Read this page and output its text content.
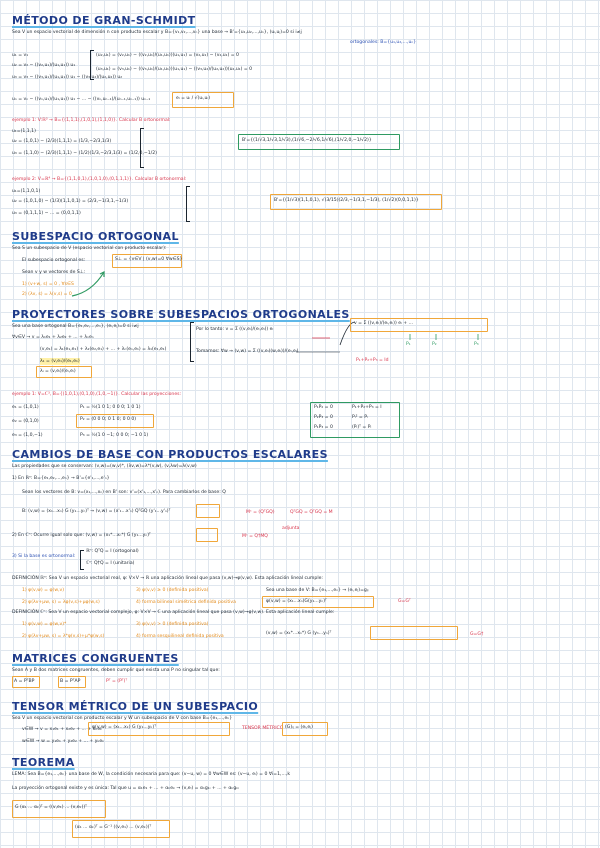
MÉTODO DE GRAN-SCHMIDT
Sea V un espacio vectorial de dimensión n con producto escalar y B={v₁,v₂,...,vₙ} una base → B'={u₁,u₂,...,uₙ}, (uᵢ,uⱼ)=0 si i≠j
ortogonales: B={u₁,u₂,...,uₙ}
u₁ = v₁
u₂ = v₂ − ((v₂,u₁)/(u₁,u₁)) u₁
u₃ = v₃ − ((v₃,u₁)/(u₁,u₁)) u₁ − ((v₃,u₂)/(u₂,u₂)) u₂
(u₂,u₁) = (v₂,u₁) − ((v₂,u₁)/(u₁,u₁))(u₁,u₁) = (v₂,u₁) − (v₂,u₁) = 0
(u₃,u₁) = (v₃,u₁) − ((v₃,u₁)/(u₁,u₁))(u₁,u₁) − ((v₃,u₂)/(u₂,u₂))(u₂,u₁) = 0
uₙ = vₙ − ((vₙ,u₁)/(u₁,u₁)) u₁ − ... − ((vₙ,uₙ₋₁)/(uₙ₋₁,uₙ₋₁)) uₙ₋₁	eᵢ = uᵢ / √(uᵢ,uᵢ)
ejemplo 1: V:ℝ³ → B={(1,1,1),(1,0,1),(1,1,0)}. Calcular B ortonormal:
u₁=(1,1,1)
u₂ = (1,0,1) − (2/3)(1,1,1) = (1/3,−2/3,1/3)
u₃ = (1,1,0) − (2/3)(1,1,1) − (1/2)(1/3,−2/3,1/3) = (1/2,0,−1/2)
B'={(1/√3,1/√3,1/√3),(1/√6,−2/√6,1/√6),(1/√2,0,−1/√2)}
ejemplo 2: V=ℝ⁴ → B={(1,1,0,1),(1,0,1,0),(0,1,1,1)}. Calcular B ortonormal:
u₁=(1,1,0,1)
u₂ = (1,0,1,0) − (1/3)(1,1,0,1) = (2/3,−1/3,1,−1/3)
u₃ = (0,1,1,1) − ... = (0,0,1,1)
B'={(1/√3)(1,1,0,1), √(3/15)(2/3,−1/3,1,−1/3), (1/√2)(0,0,1,1)}
SUBESPACIO ORTOGONAL
Sea S un subespacio de V (espacio vectorial con producto escalar):
El subespacio ortogonal es:	S⊥ = {v∈V | (v,w)=0 ∀w∈S}
Sean v y w vectores de S⊥:
1) (v+w, s) = 0 , ∀s∈S
2) (λv, s) = λ(v,s) = 0
PROYECTORES SOBRE SUBESPACIOS ORTOGONALES
Sea una base ortogonal B={e₁,e₂,...,eₙ}, (eᵢ,eⱼ)=0 si i≠j
∀v∈V → v = λ₁e₁ + λ₂e₂ + ... + λₙeₙ
(v,e₁) = λ₁(e₁,e₁) + λ₂(e₂,e₁) + ... + λₙ(eₙ,e₁) = λ₁(e₁,e₁)
λ₁ = (v,e₁)/(e₁,e₁)
λᵢ = (v,eᵢ)/(eᵢ,eᵢ)
Por lo tanto: v = Σ ((v,eᵢ)/(eᵢ,eᵢ)) eᵢ
Tomamos: ∀w → (v,w) = Σ ((v,eᵢ)(w,eᵢ))/(eᵢ,eᵢ)
v = Σ ((v,eᵢ)/(eᵢ,eᵢ)) eᵢ + ...
P₁	P₂	P₃
P₁+P₂+P₃ = Id
ejemplo 1: V=ℂ³, B={(1,0,1),(0,1,0),(1,0,−1)}. Calcular las proyecciones:
e₁ = (1,0,1)
e₂ = (0,1,0)
e₃ = (1,0,−1)
P₁ = ½(1 0 1; 0 0 0; 1 0 1)
P₂ = (0 0 0; 0 1 0; 0 0 0)
P₃ = ½(1 0 −1; 0 0 0; −1 0 1)
P₁P₂ = 0	P₁+P₂+P₃ = I
P₂P₃ = 0	Pᵢ² = Pᵢ
P₁P₃ = 0	(Pᵢ)ᵀ = Pᵢ
CAMBIOS DE BASE CON PRODUCTOS ESCALARES
Las propiedades que se conservan: (v,w)=(w,v)*, (λv,w)=λ*(v,w), (v,λw)=λ(v,w)
1) En ℝⁿ: B={e₁,e₂,...,eₙ} → B'={e'₁,...,e'ₙ}
Sean los vectores de B: v=(x₁,...,xₙ) en B' son: v'=(x'₁,...,x'ₙ). Para cambiarlos de base: Q
B: (v,w) = (x₁...xₙ) G (y₁...yₙ)ᵀ → (v,w) = (x'₁...x'ₙ) QᵀGQ (y'₁...y'ₙ)ᵀ	Mᶜ = (QᵀGQ)	QᵀGQ = QᵀGQ = M
2) En ℂⁿ: Ocurre igual solo que: (v,w) = (x₁*...xₙ*) G (y₁...yₙ)ᵀ	Mᶜ = Q†MQ
adjunta
3) Si la base es ortonormal:
ℝⁿ: QᵀQ = I (ortogonal)
ℂⁿ: Q†Q = I (unitaria)
DEFINICIÓN ℝⁿ: Sea V un espacio vectorial real, φ: V×V → ℝ una aplicación lineal que pasa (v,w)→φ(v,w). Esta aplicación lineal cumple:
1) φ(v,w) = φ(w,v)
2) φ(λv+μw, s) = λφ(v,s)+μφ(w,s)
3) φ(v,v) ≥ 0 (definida positiva)
4) forma bilineal simétrica definida positiva
Sea una base de V: B={e₁,...,eₙ} → (eᵢ,eⱼ)=gᵢⱼ
φ(v,w) = (x₁...xₙ)G(y₁...yₙ)ᵀ	G=Gᵀ
DEFINICIÓN ℂⁿ: Sea V un espacio vectorial complejo, φ: V×V → ℂ una aplicación lineal que pasa (v,w)→φ(v,w). Esta aplicación lineal cumple:
1) φ(v,w) = φ(w,v)*
2) φ(λv+μw, s) = λ*φ(v,s)+μ*φ(w,s)
3) φ(v,v) > 0 (definida positiva)
4) forma sesquilineal definida positiva
(v,w) = (x₁*...xₙ*) G (y₁...yₙ)ᵀ	G=G†
MATRICES CONGRUENTES
Sean A y B dos matrices congruentes, deben cumplir que exista una P no singular tal que:
A = PᵀBP	B = PᵀAP	Pᵀ = (Pᵀ)ᵀ
TENSOR MÉTRICO DE UN SUBESPACIO
Sea V un espacio vectorial con producto escalar y W un subespacio de V con base B={e₁,...,eₖ}
v∈W → v = x₁e₁ + x₂e₂ + ... + xₖeₖ
w∈W → w = y₁e₁ + y₂e₂ + ... + yₖeₖ
φ(v,w) = (x₁...xₖ) G (y₁...yₖ)ᵀ	TENSOR MÉTRICO (G)ᵢⱼ = (eᵢ,eⱼ)
TEOREMA
LEMA: Sea B={e₁,...,eₖ} una base de W, la condición necesaria para que: (v−u, w) = 0 ∀w∈W es: (v−u, eᵢ) = 0 ∀i=1,...,k
La proyección ortogonal existe y es única: Tal que u = α₁e₁ + ... + αₖeₖ → (v,eᵢ) = α₁g₁ᵢ + ... + αₖgₖᵢ
G (α₁ ... αₖ)ᵀ = ((v,e₁) ... (v,eₖ))ᵀ
(α₁ ... αₖ)ᵀ = G⁻¹ ((v,e₁) ... (v,eₖ))ᵀ
